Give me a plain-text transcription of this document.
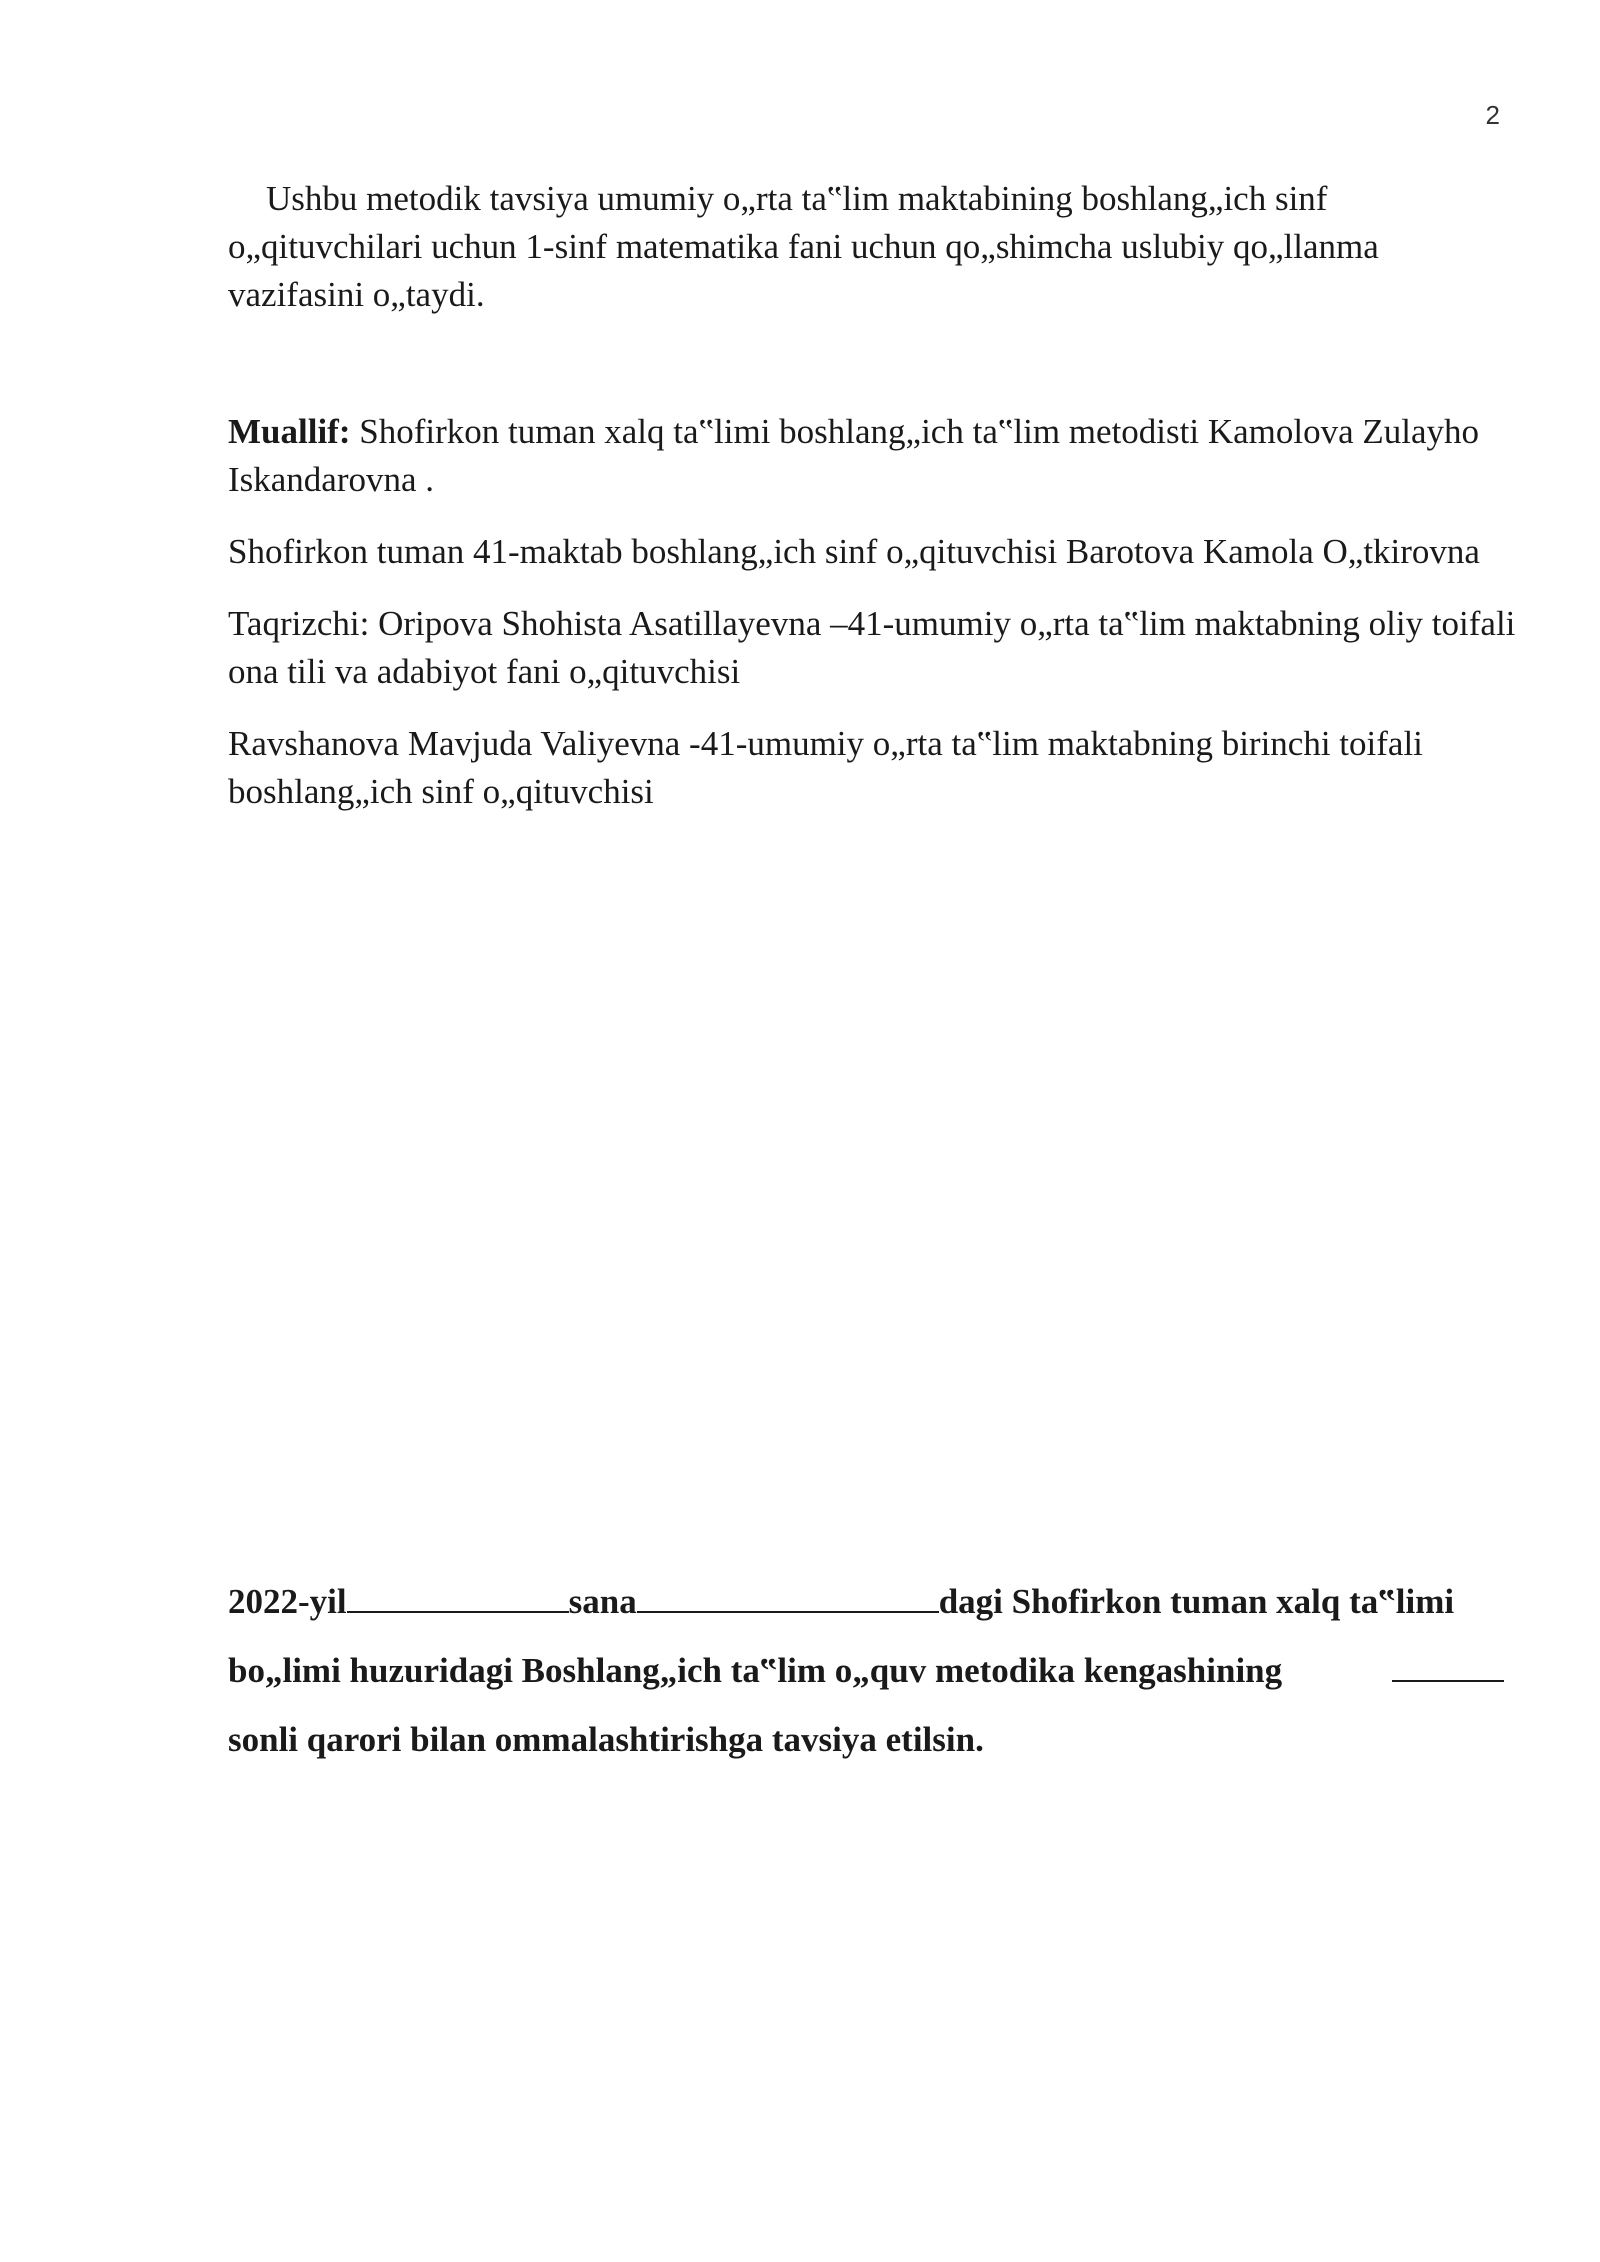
2

Ushbu metodik tavsiya umumiy o„rta ta‟lim maktabining boshlang„ich sinf o„qituvchilari uchun 1-sinf matematika fani uchun qo„shimcha uslubiy qo„llanma vazifasini o„taydi.

Muallif: Shofirkon tuman xalq ta‟limi boshlang„ich ta‟lim metodisti Kamolova Zulayho Iskandarovna .

Shofirkon tuman 41-maktab boshlang„ich sinf o„qituvchisi Barotova Kamola O„tkirovna

Taqrizchi: Oripova Shohista Asatillayevna –41-umumiy o„rta ta‟lim maktabning oliy toifali ona tili va adabiyot fani o„qituvchisi

Ravshanova Mavjuda Valiyevna -41-umumiy o„rta ta‟lim maktabning birinchi toifali boshlang„ich sinf o„qituvchisi

2022-yil	sana	dagi Shofirkon tuman xalq ta‟limi bo„limi huzuridagi Boshlang„ich ta‟lim o„quv metodika kengashining sonli qarori bilan ommalashtirishga tavsiya etilsin.
